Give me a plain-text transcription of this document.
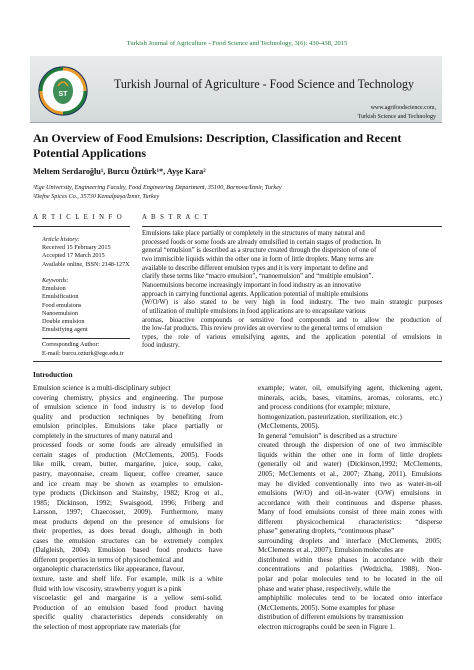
Turkish Journal of Agriculture - Food Science and Technology, 3(6): 430-438, 2015
ST
Turkish Journal of Agriculture - Food Science and Technology
www.agrifoodscience.com,
Turkish Science and Technology
An Overview of Food Emulsions: Description, Classification and Recent
Potential Applications
Meltem Serdaroğlu¹, Burcu Öztürk¹*, Ayşe Kara²
¹Ege University, Engineering Faculty, Food Engineering Department, 35100, Bornova/İzmir, Turkey
²Defne Spices Co., 35730 Kemalpaşa/İzmir, Turkey
A R T I C L E I N F O	A B S T R A C T
Article history:
Received 15 February 2015
Accepted 17 March 2015
Available online, ISSN: 2148-127X
Keywords:
Emulsion
Emulsification
Food emulsions
Nanoemulsion
Double emulsion
Emulsifying agent
Corresponding Author:
E-mail: burcu.ozturk@ege.edu.tr
Emulsions take place partially or completely in the structures of many natural and
processed foods or some foods are already emulsified in certain stages of production. In
general “emulsion” is described as a structure created through the dispersion of one of
two immiscible liquids within the other one in form of little droplets. Many terms are
available to describe different emulsion types and it is very important to define and
clarify these terms like “macro emulsion”, “nanoemulsion” and “multiple emulsion”.
Nanoemulsions become increasingly important in food industry as an innovative
approach in carrying functional agents. Application potential of multiple emulsions
(W/O/W) is also stated to be very high in food industry. The two main strategic purposes
of utilization of multiple emulsions in food applications are to encapsulate various
aromas, bioactive compounds or sensitive food compounds and to allow the production of
the low-fat products. This review provides an overview to the general terms of emulsion
types, the role of various emulsifying agents, and the application potential of emulsions in
food industry.
Introduction
Emulsion science is a multi-disciplinary subject
covering chemistry, physics and engineering. The purpose
of emulsion science in food industry is to develop food
quality and production techniques by benefiting from
emulsion principles. Emulsions take place partially or
completely in the structures of many natural and
processed foods or some foods are already emulsified in
certain stages of production (McClements, 2005). Foods
like milk, cream, butter, margarine, juice, soup, cake,
pastry, mayonnaise, cream liqueur, coffee creamer, sauce
and ice cream may be shown as examples to emulsion-
type products (Dickinson and Stainsby, 1982; Krog et al.,
1985; Dickinson, 1992; Swaisgood, 1996; Friberg and
Larsson, 1997; Chaecosset, 2009). Furthermore, many
meat products depend on the presence of emulsions for
their properties, as does bread dough, although in both
cases the emulsion structures can be extremely complex
(Dalgleish, 2004). Emulsion based food products have
different properties in terms of physicochemical and
organoleptic characteristics like appearance, flavour,
texture, taste and shelf life. For example, milk is a white
fluid with low viscosity, strawberry yogurt is a pink
viscoelastic gel and margarine is a yellow semi-solid.
Production of an emulsion based food product having
specific quality characteristics depends considerably on
the selection of most appropriate raw materials (for
example; water, oil, emulsifying agent, thickening agent,
minerals, acids, bases, vitamins, aromas, colorants, etc.)
and process conditions (for example; mixture,
homogenization, pasteurization, sterilization, etc.)
(McClements, 2005).
In general “emulsion” is described as a structure
created through the dispersion of one of two immiscible
liquids within the other one in form of little droplets
(generally oil and water) (Dickinson,1992; McClements,
2005; McClements et al., 2007; Zhang, 2011). Emulsions
may be divided conventionally into two as water-in-oil
emulsions (W/O) and oil-in-water (O/W) emulsions in
accordance with their continuous and disperse phases.
Many of food emulsions consist of three main zones with
different physicochemical characteristics: “disperse
phase” generating droplets, “continuous phase”
surrounding droplets and interface (McClements, 2005;
McClements et al., 2007). Emulsion molecules are
distributed within these phases in accordance with their
concentrations and polarities (Wedzicha, 1988). Non-
polar and polar molecules tend to be located in the oil
phase and water phase, respectively, while the
amphiphilic molecules tend to be located onto interface
(McClements, 2005). Some examples for phase
distribution of different emulsions by transmission
electron micrographs could be seen in Figure 1.
